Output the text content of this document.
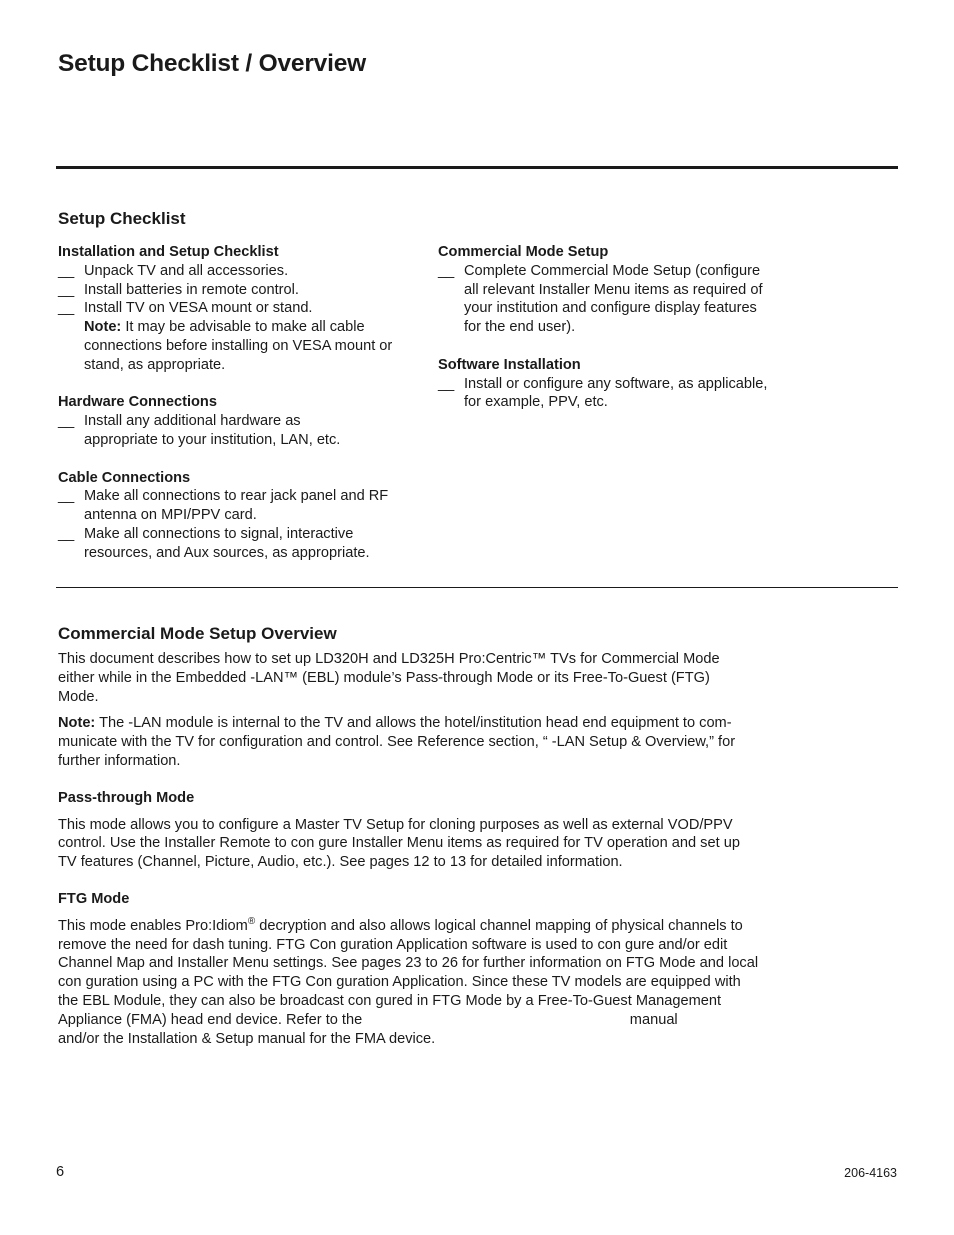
Setup Checklist / Overview
Setup Checklist

Installation and Setup Checklist

__ Unpack TV and all accessories.

__ Install batteries in remote control.

__ Install TV on VESA mount or stand.

Note: It may be advisable to make all cable

connections before installing on VESA mount or

stand, as appropriate.

Hardware Connections

__ Install any additional hardware as
appropriate to your institution, LAN, etc.

Cable Connections

__ Make all connections to rear jack panel and RF
antenna on MPI/PPV card.

__ Make all connections to signal, interactive
resources, and Aux sources, as appropriate.

Commercial Mode Setup

__ Complete Commercial Mode Setup (configure
all relevant Installer Menu items as required of
your institution and configure display features
for the end user).

Software Installation

__ Install or configure any software, as applicable,
for example, PPV, etc.

Commercial Mode Setup Overview

This document describes how to set up LD320H and LD325H Pro:Centric™ TVs for Commercial Mode
either while in the Embedded -LAN™ (EBL) module’s Pass-through Mode or its Free-To-Guest (FTG)
Mode.

Note: The -LAN module is internal to the TV and allows the hotel/institution head end equipment to com-
municate with the TV for configuration and control. See Reference section, “ -LAN Setup & Overview,” for
further information.

Pass-through Mode

This mode allows you to configure a Master TV Setup for cloning purposes as well as external VOD/PPV
control. Use the Installer Remote to con gure Installer Menu items as required for TV operation and set up
TV features (Channel, Picture, Audio, etc.). See pages 12 to 13 for detailed information.

FTG Mode

This mode enables Pro:Idiom® decryption and also allows logical channel mapping of physical channels to
remove the need for dash tuning. FTG Con guration Application software is used to con gure and/or edit
Channel Map and Installer Menu settings. See pages 23 to 26 for further information on FTG Mode and local
con guration using a PC with the FTG Con guration Application. Since these TV models are equipped with
the EBL Module, they can also be broadcast con gured in FTG Mode by a Free-To-Guest Management
Appliance (FMA) head end device. Refer to the                                                                  manual
and/or the Installation & Setup manual for the FMA device.

6	206-4163
